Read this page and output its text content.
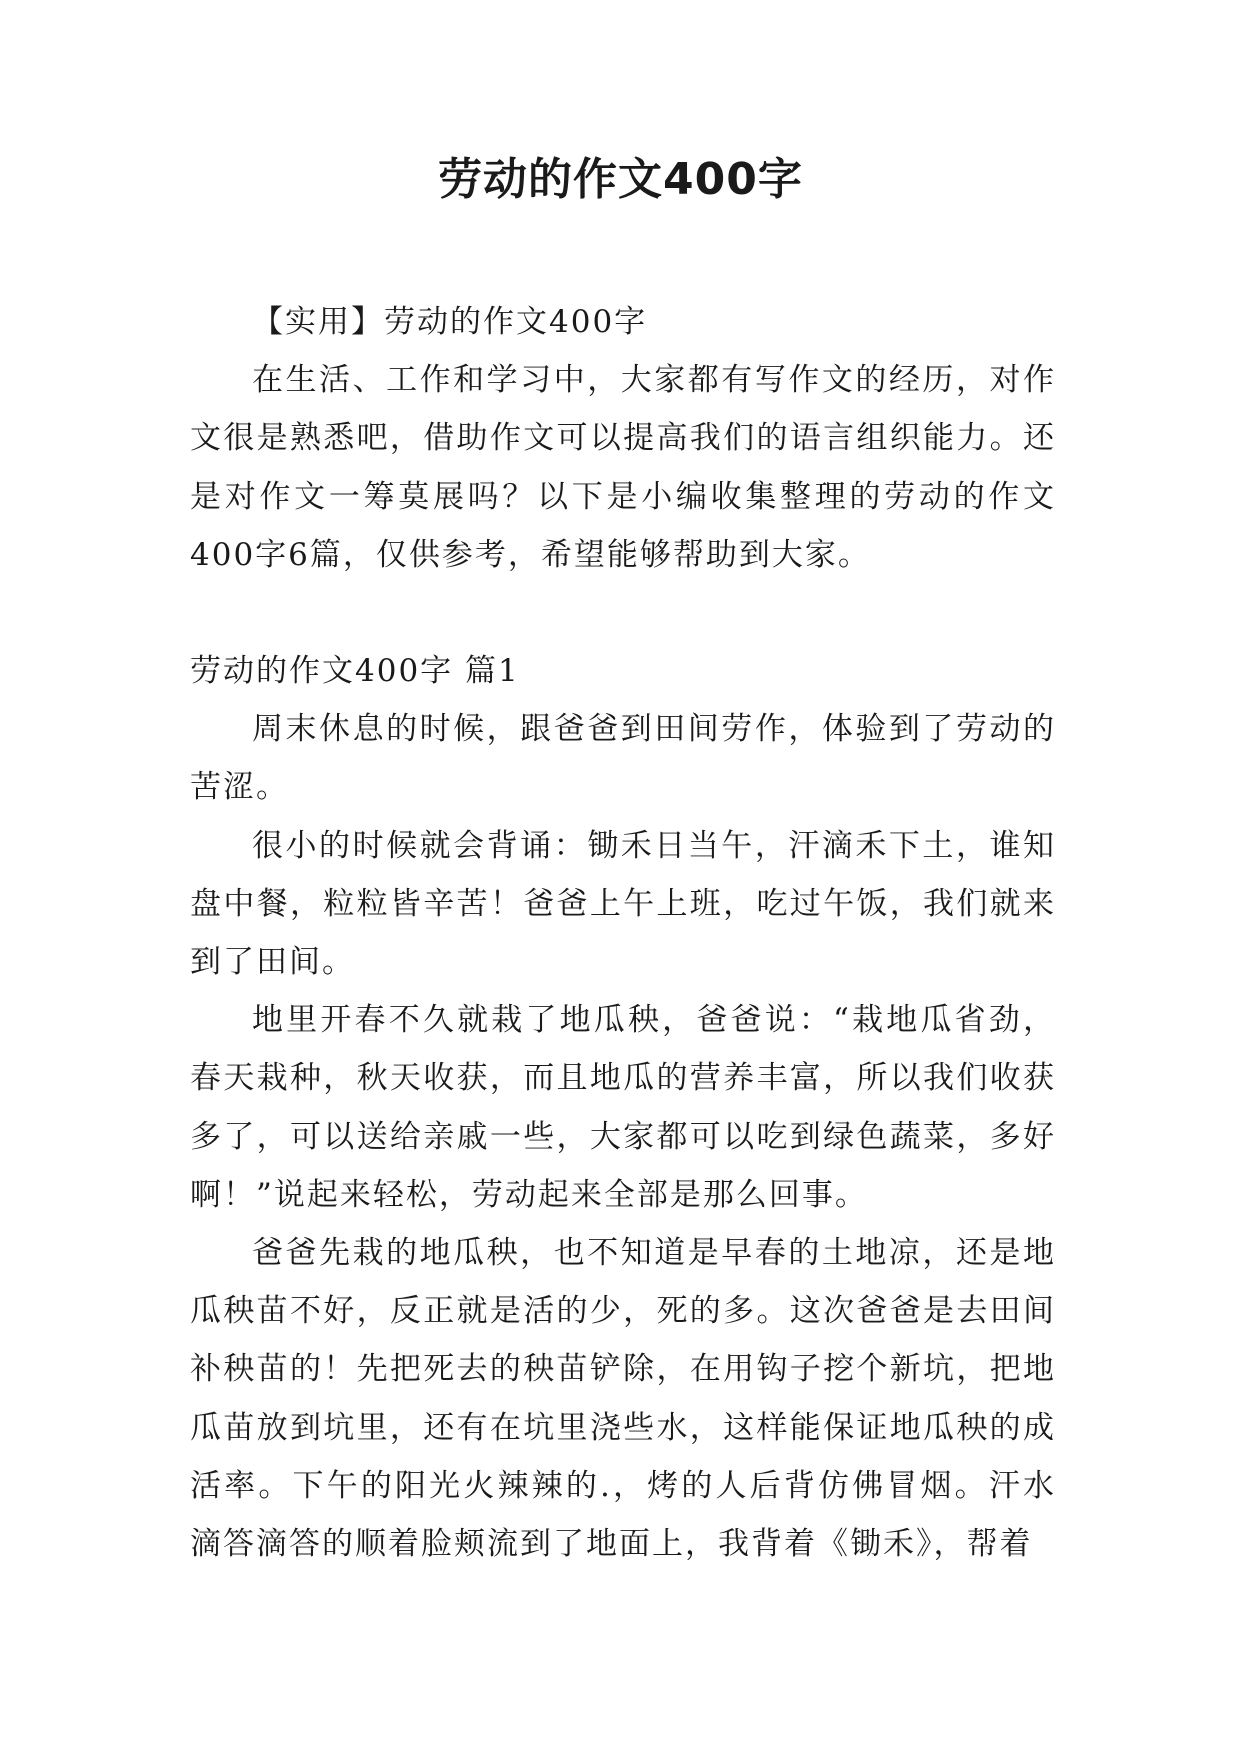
劳动的作文400字

【实用】劳动的作文400字

在生活、工作和学习中，大家都有写作文的经历，对作文很是熟悉吧，借助作文可以提高我们的语言组织能力。还是对作文一筹莫展吗？以下是小编收集整理的劳动的作文400字6篇，仅供参考，希望能够帮助到大家。

劳动的作文400字 篇1

周末休息的时候，跟爸爸到田间劳作，体验到了劳动的苦涩。

很小的时候就会背诵：锄禾日当午，汗滴禾下土，谁知盘中餐，粒粒皆辛苦！爸爸上午上班，吃过午饭，我们就来到了田间。

地里开春不久就栽了地瓜秧，爸爸说：“栽地瓜省劲，春天栽种，秋天收获，而且地瓜的营养丰富，所以我们收获多了，可以送给亲戚一些，大家都可以吃到绿色蔬菜，多好啊！”说起来轻松，劳动起来全部是那么回事。

爸爸先栽的地瓜秧，也不知道是早春的土地凉，还是地瓜秧苗不好，反正就是活的少，死的多。这次爸爸是去田间补秧苗的！先把死去的秧苗铲除，在用钩子挖个新坑，把地瓜苗放到坑里，还有在坑里浇些水，这样能保证地瓜秧的成活率。下午的阳光火辣辣的.，烤的人后背仿佛冒烟。汗水滴答滴答的顺着脸颊流到了地面上，我背着《锄禾》，帮着
